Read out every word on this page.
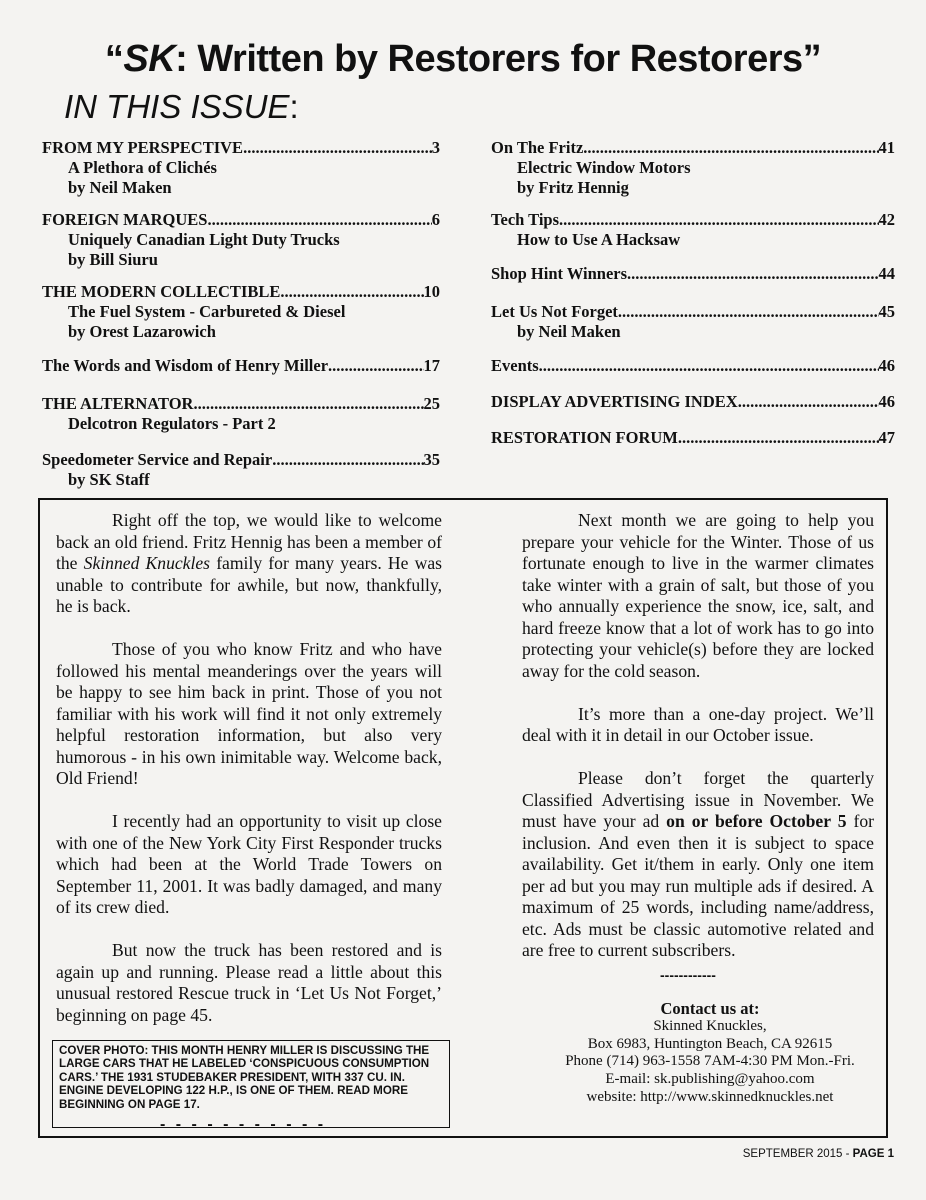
“SK: Written by Restorers for Restorers”
IN THIS ISSUE:
FROM MY PERSPECTIVE .....	3
A Plethora of Clichés
by Neil Maken
FOREIGN MARQUES .....	6
Uniquely Canadian Light Duty Trucks
by Bill Siuru
THE MODERN COLLECTIBLE .....	10
The Fuel System - Carbureted & Diesel
by Orest Lazarowich
The Words and Wisdom of Henry Miller .....	17
THE ALTERNATOR .....	25
Delcotron Regulators - Part 2
Speedometer Service and Repair .....	35
by SK Staff
On The Fritz .....	41
Electric Window Motors
by Fritz Hennig
Tech Tips .....	42
How to Use A Hacksaw
Shop Hint Winners .....	44
Let Us Not Forget .....	45
by Neil Maken
Events .....	46
DISPLAY ADVERTISING INDEX .....	46
RESTORATION FORUM .....	47

Right off the top, we would like to welcome back an old friend. Fritz Hennig has been a member of the Skinned Knuckles family for many years. He was unable to contribute for awhile, but now, thankfully, he is back.

Those of you who know Fritz and who have followed his mental meanderings over the years will be happy to see him back in print. Those of you not familiar with his work will find it not only extremely helpful restoration information, but also very humorous - in his own inimitable way. Welcome back, Old Friend!

I recently had an opportunity to visit up close with one of the New York City First Responder trucks which had been at the World Trade Towers on September 11, 2001. It was badly damaged, and many of its crew died.

But now the truck has been restored and is again up and running. Please read a little about this unusual restored Rescue truck in ‘Let Us Not Forget,’ beginning on page 45.

- - - - - - - - - - -
COVER PHOTO: THIS MONTH HENRY MILLER IS DISCUSSING THE LARGE CARS THAT HE LABELED ‘CONSPICUOUS CONSUMPTION CARS.’ THE 1931 STUDEBAKER PRESIDENT, WITH 337 CU. IN. ENGINE DEVELOPING 122 H.P., IS ONE OF THEM. READ MORE BEGINNING ON PAGE 17.

Next month we are going to help you prepare your vehicle for the Winter. Those of us fortunate enough to live in the warmer climates take winter with a grain of salt, but those of you who annually experience the snow, ice, salt, and hard freeze know that a lot of work has to go into protecting your vehicle(s) before they are locked away for the cold season.

It’s more than a one-day project. We’ll deal with it in detail in our October issue.

Please don’t forget the quarterly Classified Advertising issue in November. We must have your ad on or before October 5 for inclusion. And even then it is subject to space availability. Get it/them in early. Only one item per ad but you may run multiple ads if desired. A maximum of 25 words, including name/address, etc. Ads must be classic automotive related and are free to current subscribers.

------------
Contact us at:
Skinned Knuckles,
Box 6983, Huntington Beach, CA 92615
Phone (714) 963-1558 7AM-4:30 PM Mon.-Fri.
E-mail: sk.publishing@yahoo.com
website: http://www.skinnedknuckles.net
SEPTEMBER 2015 - PAGE 1
